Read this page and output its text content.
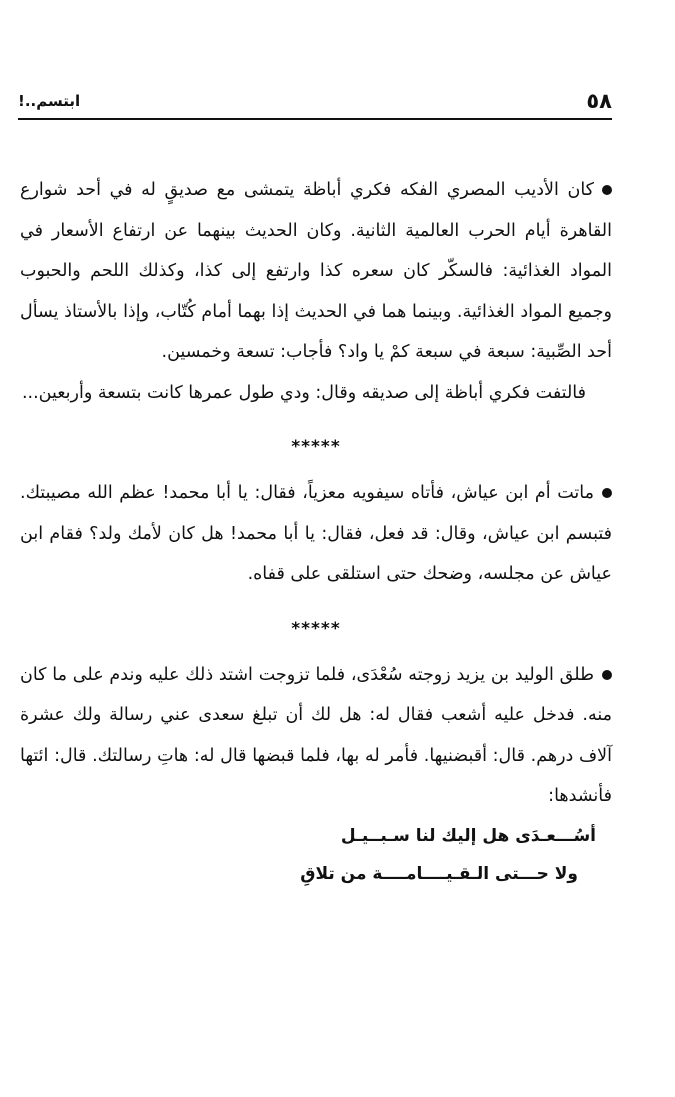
٥٨
ابتسم..!

كان الأديب المصري الفكه فكري أباظة يتمشى مع صديقٍ له في أحد شوارع القاهرة أيام الحرب العالمية الثانية. وكان الحديث بينهما عن ارتفاع الأسعار في المواد الغذائية: فالسكّر كان سعره كذا وارتفع إلى كذا، وكذلك اللحم والحبوب وجميع المواد الغذائية. وبينما هما في الحديث إذا بهما أمام كُتّاب، وإذا بالأستاذ يسأل أحد الصِّبية: سبعة في سبعة كمْ يا واد؟ فأجاب: تسعة وخمسين.

فالتفت فكري أباظة إلى صديقه وقال: ودي طول عمرها كانت بتسعة وأربعين...

*****

ماتت أم ابن عياش، فأتاه سيفويه معزياً، فقال: يا أبا محمد! عظم الله مصيبتك. فتبسم ابن عياش، وقال: قد فعل، فقال: يا أبا محمد! هل كان لأمك ولد؟ فقام ابن عياش عن مجلسه، وضحك حتى استلقى على قفاه.

*****

طلق الوليد بن يزيد زوجته سُعْدَى، فلما تزوجت اشتد ذلك عليه وندم على ما كان منه. فدخل عليه أشعب فقال له: هل لك أن تبلغ سعدى عني رسالة ولك عشرة آلاف درهم. قال: أقبضنيها. فأمر له بها، فلما قبضها قال له: هاتِ رسالتك. قال: ائتها فأنشدها:

أسُـــعـدَى هل إليك لنا سـبــيـل

ولا حـــتى الـقـيــــامــــة من تلاقِ
